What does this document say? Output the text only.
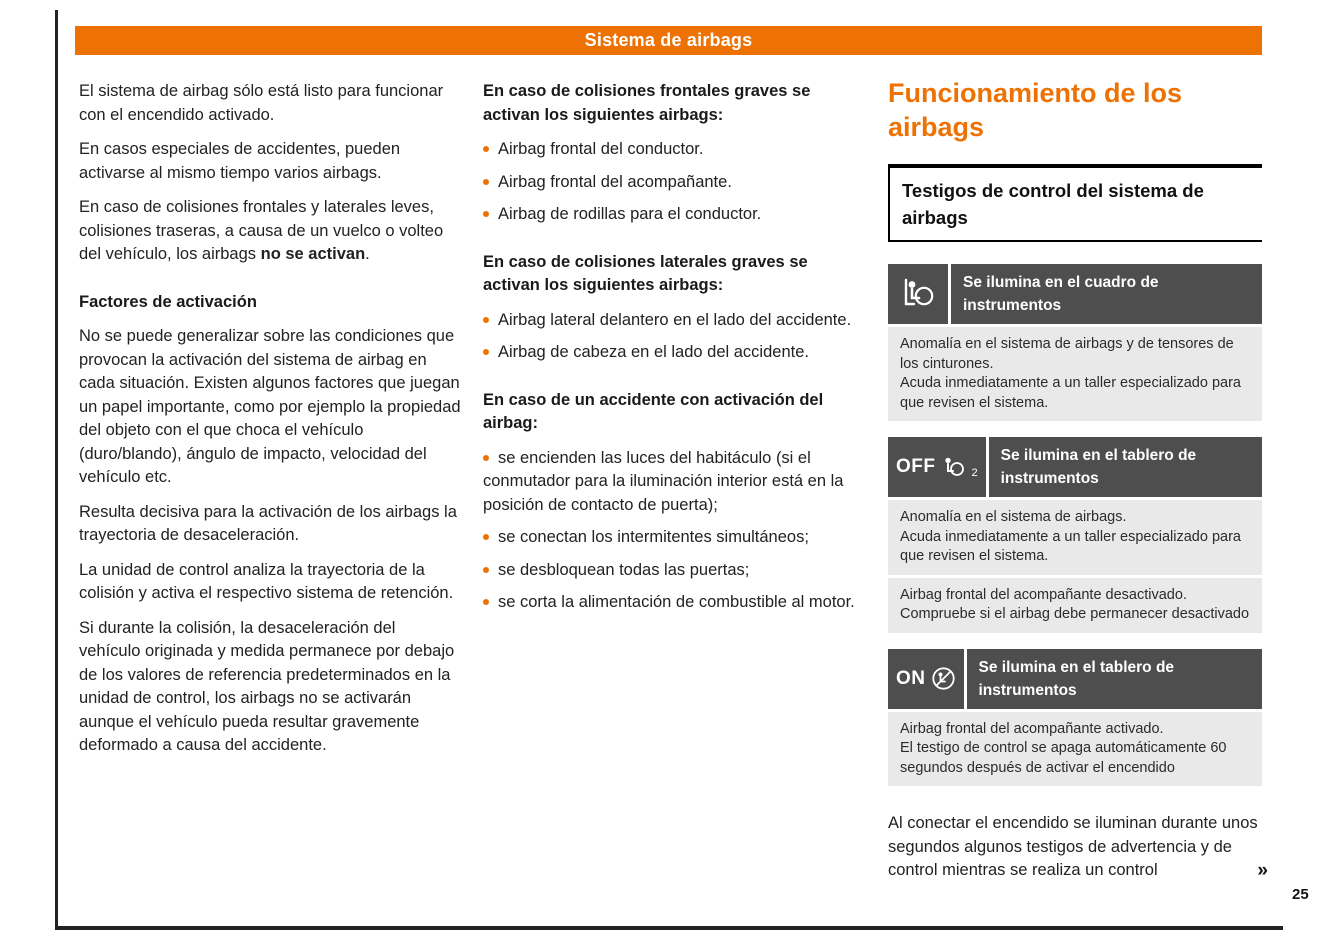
Sistema de airbags

El sistema de airbag sólo está listo para funcionar con el encendido activado.

En casos especiales de accidentes, pueden activarse al mismo tiempo varios airbags.

En caso de colisiones frontales y laterales leves, colisiones traseras, a causa de un vuelco o volteo del vehículo, los airbags no se activan.

Factores de activación

No se puede generalizar sobre las condiciones que provocan la activación del sistema de airbag en cada situación. Existen algunos factores que juegan un papel importante, como por ejemplo la propiedad del objeto con el que choca el vehículo (duro/blando), ángulo de impacto, velocidad del vehículo etc.

Resulta decisiva para la activación de los airbags la trayectoria de desaceleración.

La unidad de control analiza la trayectoria de la colisión y activa el respectivo sistema de retención.

Si durante la colisión, la desaceleración del vehículo originada y medida permanece por debajo de los valores de referencia predeterminados en la unidad de control, los airbags no se activarán aunque el vehículo pueda resultar gravemente deformado a causa del accidente.

En caso de colisiones frontales graves se activan los siguientes airbags:
Airbag frontal del conductor.
Airbag frontal del acompañante.
Airbag de rodillas para el conductor.
En caso de colisiones laterales graves se activan los siguientes airbags:
Airbag lateral delantero en el lado del accidente.
Airbag de cabeza en el lado del accidente.
En caso de un accidente con activación del airbag:
se encienden las luces del habitáculo (si el conmutador para la iluminación interior está en la posición de contacto de puerta);
se conectan los intermitentes simultáneos;
se desbloquean todas las puertas;
se corta la alimentación de combustible al motor.
Funcionamiento de los airbags
Testigos de control del sistema de airbags
Se ilumina en el cuadro de instrumentos
Anomalía en el sistema de airbags y de tensores de los cinturones.
Acuda inmediatamente a un taller especializado para que revisen el sistema.
OFF	$_2$
Se ilumina en el tablero de instrumentos
Anomalía en el sistema de airbags.
Acuda inmediatamente a un taller especializado para que revisen el sistema.
Airbag frontal del acompañante desactivado.
Compruebe si el airbag debe permanecer desactivado
ON
Se ilumina en el tablero de instrumentos
Airbag frontal del acompañante activado.
El testigo de control se apaga automáticamente 60 segundos después de activar el encendido
Al conectar el encendido se iluminan durante unos segundos algunos testigos de advertencia y de control mientras se realiza un control	»
25
